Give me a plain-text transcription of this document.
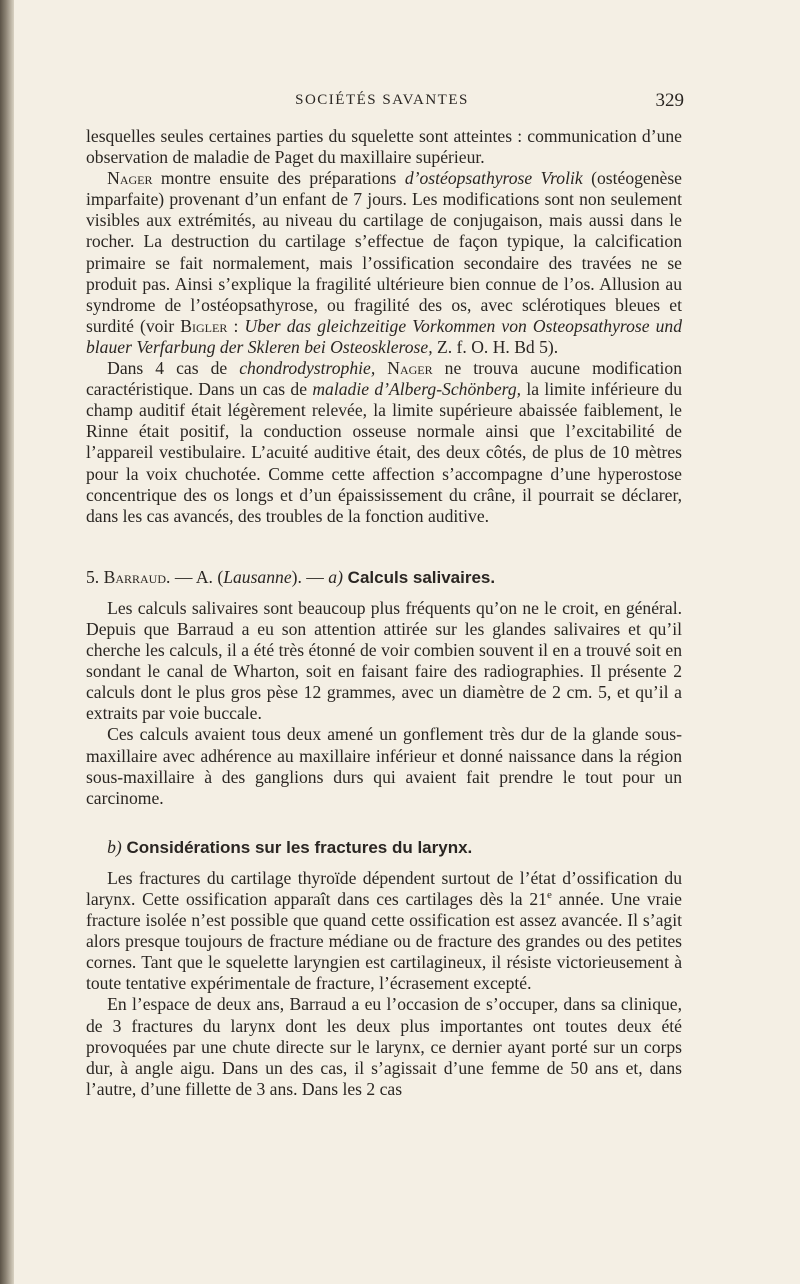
SOCIÉTÉS SAVANTES	329

lesquelles seules certaines parties du squelette sont atteintes : communication d’une observation de maladie de Paget du maxillaire supérieur.

Nager montre ensuite des préparations d’ostéopsathyrose Vrolik (ostéogenèse imparfaite) provenant d’un enfant de 7 jours. Les modifications sont non seulement visibles aux extrémités, au niveau du cartilage de conjugaison, mais aussi dans le rocher. La destruction du cartilage s’effectue de façon typique, la calcification primaire se fait normalement, mais l’ossification secondaire des travées ne se produit pas. Ainsi s’explique la fragilité ultérieure bien connue de l’os. Allusion au syndrome de l’ostéopsathyrose, ou fragilité des os, avec sclérotiques bleues et surdité (voir Bigler : Uber das gleichzeitige Vorkommen von Osteopsathyrose und blauer Verfarbung der Skleren bei Osteosklerose, Z. f. O. H. Bd 5).

Dans 4 cas de chondrodystrophie, Nager ne trouva aucune modification caractéristique. Dans un cas de maladie d’Alberg-Schönberg, la limite inférieure du champ auditif était légèrement relevée, la limite supérieure abaissée faiblement, le Rinne était positif, la conduction osseuse normale ainsi que l’excitabilité de l’appareil vestibulaire. L’acuité auditive était, des deux côtés, de plus de 10 mètres pour la voix chuchotée. Comme cette affection s’accompagne d’une hyperostose concentrique des os longs et d’un épaississement du crâne, il pourrait se déclarer, dans les cas avancés, des troubles de la fonction auditive.

5. Barraud. — A. (Lausanne). — a) Calculs salivaires.

Les calculs salivaires sont beaucoup plus fréquents qu’on ne le croit, en général. Depuis que Barraud a eu son attention attirée sur les glandes salivaires et qu’il cherche les calculs, il a été très étonné de voir combien souvent il en a trouvé soit en sondant le canal de Wharton, soit en faisant faire des radiographies. Il présente 2 calculs dont le plus gros pèse 12 grammes, avec un diamètre de 2 cm. 5, et qu’il a extraits par voie buccale.

Ces calculs avaient tous deux amené un gonflement très dur de la glande sous-maxillaire avec adhérence au maxillaire inférieur et donné naissance dans la région sous-maxillaire à des ganglions durs qui avaient fait prendre le tout pour un carcinome.

b) Considérations sur les fractures du larynx.

Les fractures du cartilage thyroïde dépendent surtout de l’état d’ossification du larynx. Cette ossification apparaît dans ces cartilages dès la 21e année. Une vraie fracture isolée n’est possible que quand cette ossification est assez avancée. Il s’agit alors presque toujours de fracture médiane ou de fracture des grandes ou des petites cornes. Tant que le squelette laryngien est cartilagineux, il résiste victorieusement à toute tentative expérimentale de fracture, l’écrasement excepté.

En l’espace de deux ans, Barraud a eu l’occasion de s’occuper, dans sa clinique, de 3 fractures du larynx dont les deux plus importantes ont toutes deux été provoquées par une chute directe sur le larynx, ce dernier ayant porté sur un corps dur, à angle aigu. Dans un des cas, il s’agissait d’une femme de 50 ans et, dans l’autre, d’une fillette de 3 ans. Dans les 2 cas
